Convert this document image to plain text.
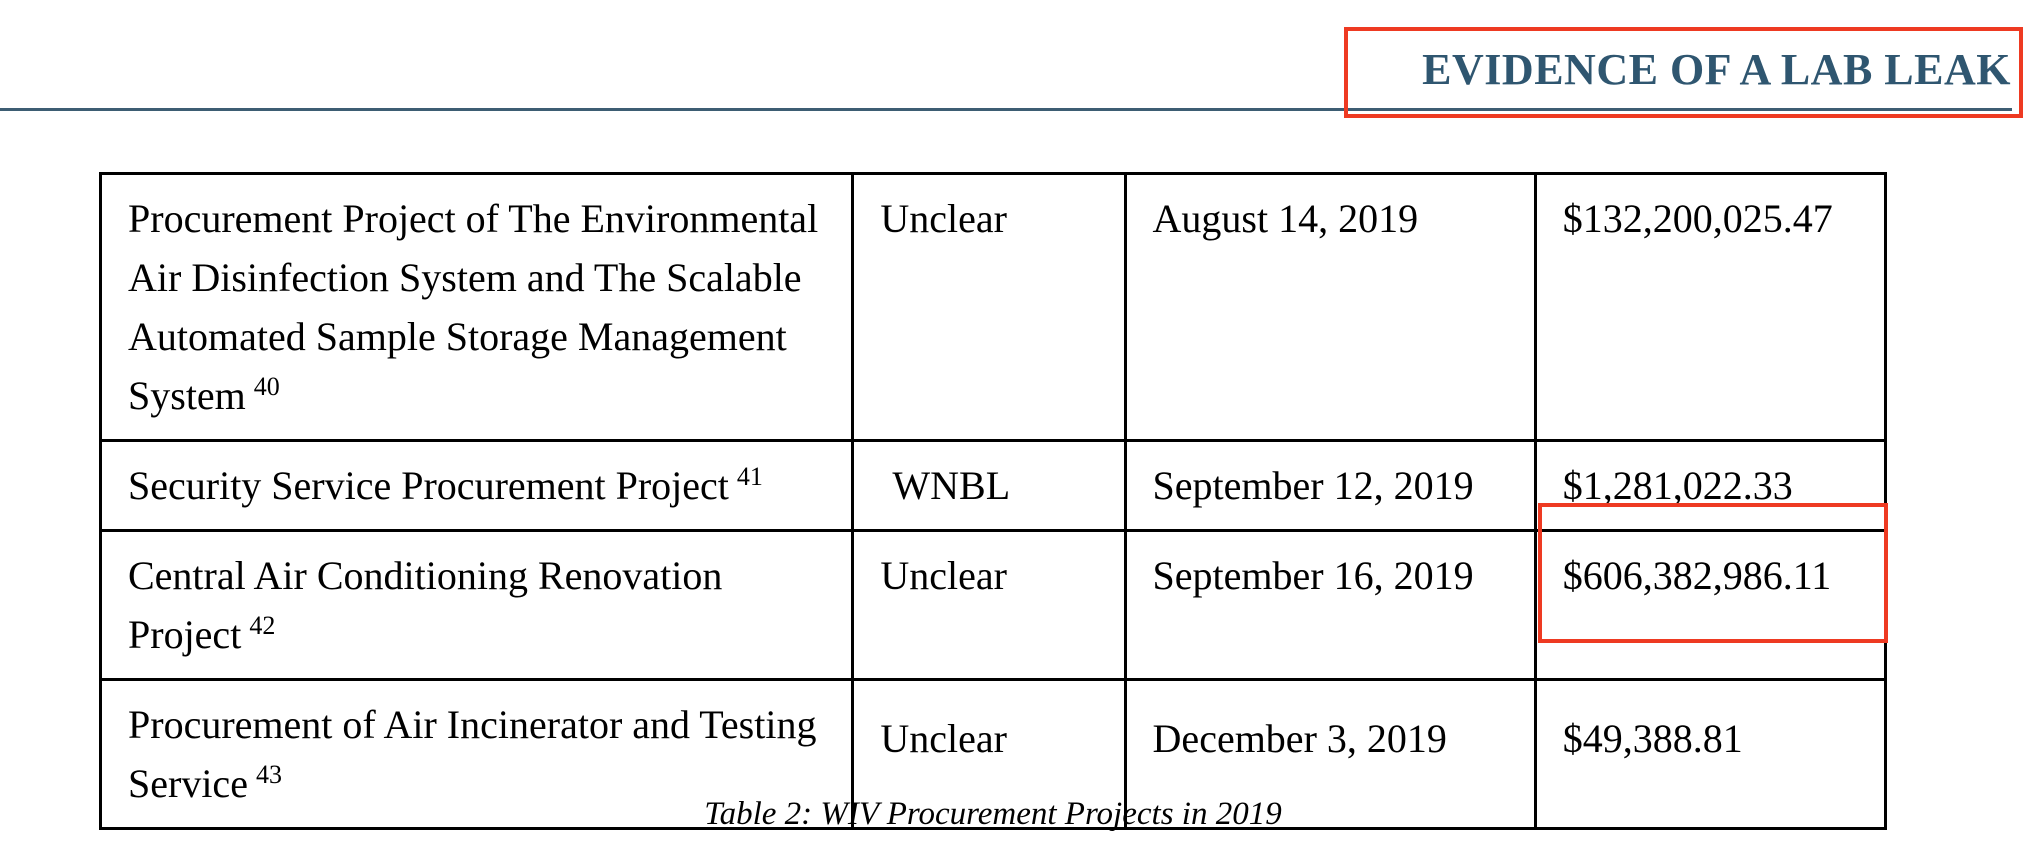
EVIDENCE OF A LAB LEAK
Procurement Project of The Environmental Air Disinfection System and The Scalable Automated Sample Storage Management System $^{40}$	Unclear	August 14, 2019	$132,200,025.47
Security Service Procurement Project $^{41}$	WNBL	September 12, 2019	$1,281,022.33
Central Air Conditioning Renovation Project $^{42}$	Unclear	September 16, 2019	$606,382,986.11
Procurement of Air Incinerator and Testing Service $^{43}$	Unclear	December 3, 2019	$49,388.81
Table 2: WIV Procurement Projects in 2019
